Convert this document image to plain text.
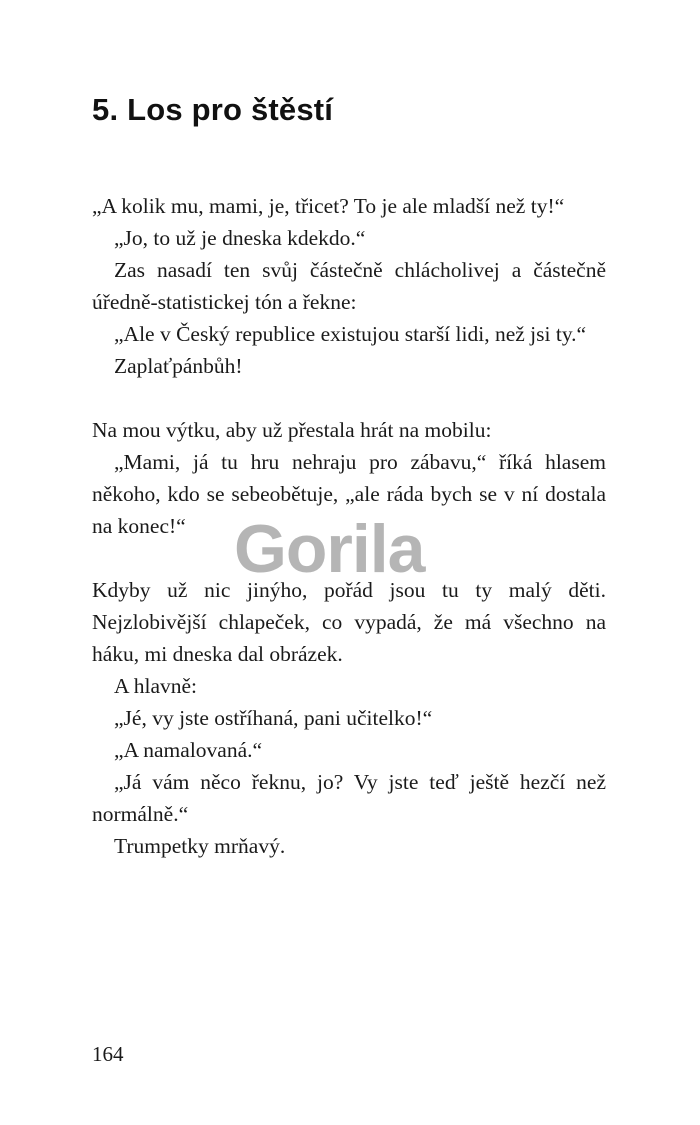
5. Los pro štěstí

„A kolik mu, mami, je, třicet? To je ale mladší než ty!“

„Jo, to už je dneska kdekdo.“

Zas nasadí ten svůj částečně chlácholivej a částečně úředně-statistickej tón a řekne:

„Ale v Český republice existujou starší lidi, než jsi ty.“

Zaplaťpánbůh!

Na mou výtku, aby už přestala hrát na mobilu:

„Mami, já tu hru nehraju pro zábavu,“ říká hlasem někoho, kdo se sebeobětuje, „ale ráda bych se v ní dostala na konec!“

Kdyby už nic jinýho, pořád jsou tu ty malý děti. Nejzlobivější chlapeček, co vypadá, že má všechno na háku, mi dneska dal obrázek.

A hlavně:

„Jé, vy jste ostříhaná, pani učitelko!“

„A namalovaná.“

„Já vám něco řeknu, jo? Vy jste teď ještě hezčí než normálně.“

Trumpetky mrňavý.

Gorila
164
